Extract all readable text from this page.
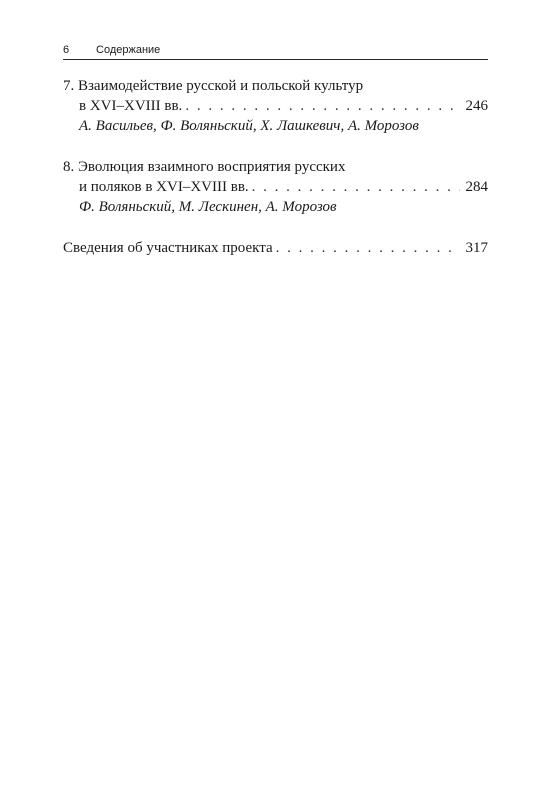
6 Содержание
7. Взаимодействие русской и польской культур
в XVI–XVIII вв. . . .	246
А. Васильев, Ф. Воляньский, Х. Лашкевич, А. Морозов
8. Эволюция взаимного восприятия русских
и поляков в XVI–XVIII вв. . . .	284
Ф. Воляньский, М. Лескинен, А. Морозов
Сведения об участниках проекта . . .	317
